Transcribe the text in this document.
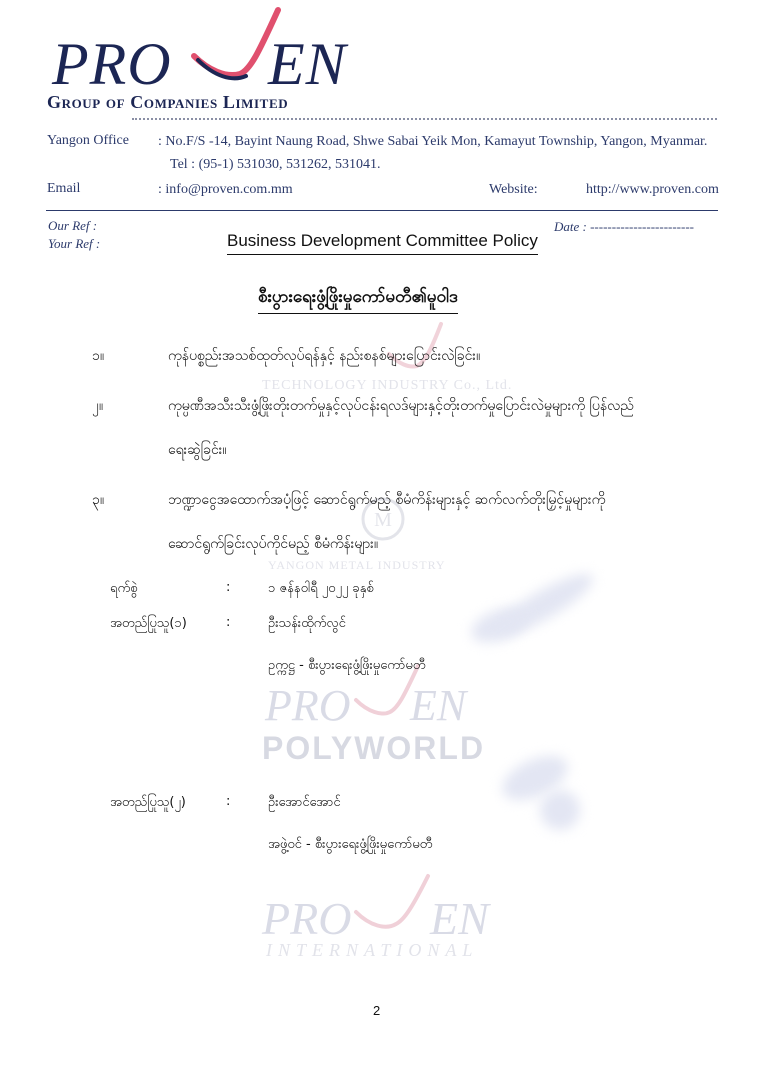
PRO EN
Group of Companies Limited
Yangon Office : No.F/S -14, Bayint Naung Road, Shwe Sabai Yeik Mon, Kamayut Township, Yangon, Myanmar.
Tel : (95-1) 531030, 531262, 531041.
Email	: info@proven.com.mm	Website:	http://www.proven.com
Our Ref :
Your Ref :
Date : ------------------------
TECHNOLOGY INDUSTRY Co., Ltd.
M
YANGON METAL INDUSTRY
PRO EN
POLYWORLD
PRO EN
INTERNATIONAL
Business Development Committee Policy
စီးပွားရေးဖွံ့ဖြိုးမှုကော်မတီ၏မူဝါဒ
၁။	ကုန်ပစ္စည်းအသစ်ထုတ်လုပ်ရန်နှင့် နည်းစနစ်များပြောင်းလဲခြင်း။
၂။	ကုမ္ပဏီအသီးသီးဖွံ့ဖြိုးတိုးတက်မှုနှင့်လုပ်ငန်းရလဒ်များနှင့်တိုးတက်မှုပြောင်းလဲမှုများကို ပြန်လည်
ရေးဆွဲခြင်း။
၃။	ဘဏ္ဍာငွေအထောက်အပံ့ဖြင့် ဆောင်ရွက်မည့် စီမံကိန်းများနှင့် ဆက်လက်တိုးမြှင့်မှုများကို
ဆောင်ရွက်ခြင်းလုပ်ကိုင်မည့် စီမံကိန်းများ။
ရက်စွဲ	:	၁ ဇန်နဝါရီ ၂၀၂၂ ခုနှစ်
အတည်ပြုသူ(၁)	:	ဦးသန်းထိုက်လွင်
ဥက္ကဋ္ဌ - စီးပွားရေးဖွံ့ဖြိုးမှုကော်မတီ
အတည်ပြုသူ(၂)	:	ဦးအောင်အောင်
အဖွဲ့ဝင် - စီးပွားရေးဖွံ့ဖြိုးမှုကော်မတီ
2
